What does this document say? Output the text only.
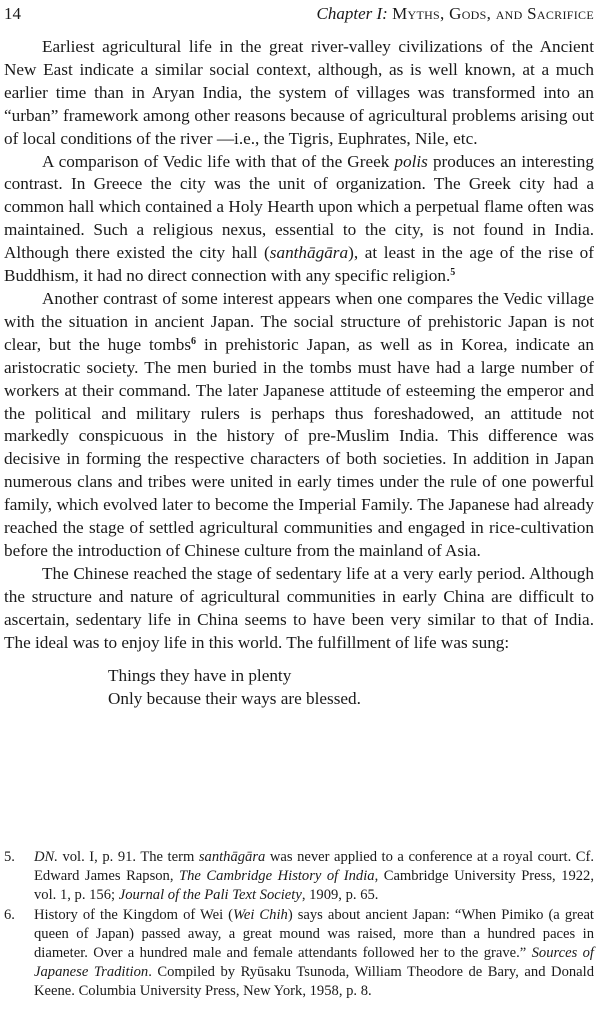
14	Chapter I: Myths, Gods, and Sacrifice

Earliest agricultural life in the great river-valley civilizations of the Ancient New East indicate a similar social context, although, as is well known, at a much earlier time than in Aryan India, the system of villages was transformed into an “urban” framework among other reasons because of agricultural problems arising out of local conditions of the river —i.e., the Tigris, Euphrates, Nile, etc.

A comparison of Vedic life with that of the Greek polis produces an interesting contrast. In Greece the city was the unit of organization. The Greek city had a common hall which contained a Holy Hearth upon which a perpetual flame often was maintained. Such a religious nexus, essential to the city, is not found in India. Although there existed the city hall (santhāgāra), at least in the age of the rise of Buddhism, it had no direct connection with any specific religion.$^5$

Another contrast of some interest appears when one compares the Vedic village with the situation in ancient Japan. The social structure of prehistoric Japan is not clear, but the huge tombs$^6$ in prehistoric Japan, as well as in Korea, indicate an aristocratic society. The men buried in the tombs must have had a large number of workers at their command. The later Japanese attitude of esteeming the emperor and the political and military rulers is perhaps thus foreshadowed, an attitude not markedly conspicuous in the history of pre-Muslim India. This difference was decisive in forming the respective characters of both societies. In addition in Japan numerous clans and tribes were united in early times under the rule of one powerful family, which evolved later to become the Imperial Family. The Japanese had already reached the stage of settled agricultural communities and engaged in rice-cultivation before the introduction of Chinese culture from the mainland of Asia.

The Chinese reached the stage of sedentary life at a very early period. Although the structure and nature of agricultural communities in early China are difficult to ascertain, sedentary life in China seems to have been very similar to that of India. The ideal was to enjoy life in this world. The fulfillment of life was sung:

Things they have in plenty
Only because their ways are blessed.
5. DN. vol. I, p. 91. The term santhāgāra was never applied to a conference at a royal court. Cf. Edward James Rapson, The Cambridge History of India, Cambridge University Press, 1922, vol. 1, p. 156; Journal of the Pali Text Society, 1909, p. 65.
6. History of the Kingdom of Wei (Wei Chih) says about ancient Japan: “When Pimiko (a great queen of Japan) passed away, a great mound was raised, more than a hundred paces in diameter. Over a hundred male and female attendants followed her to the grave.” Sources of Japanese Tradition. Compiled by Ryūsaku Tsunoda, William Theodore de Bary, and Donald Keene. Columbia University Press, New York, 1958, p. 8.
